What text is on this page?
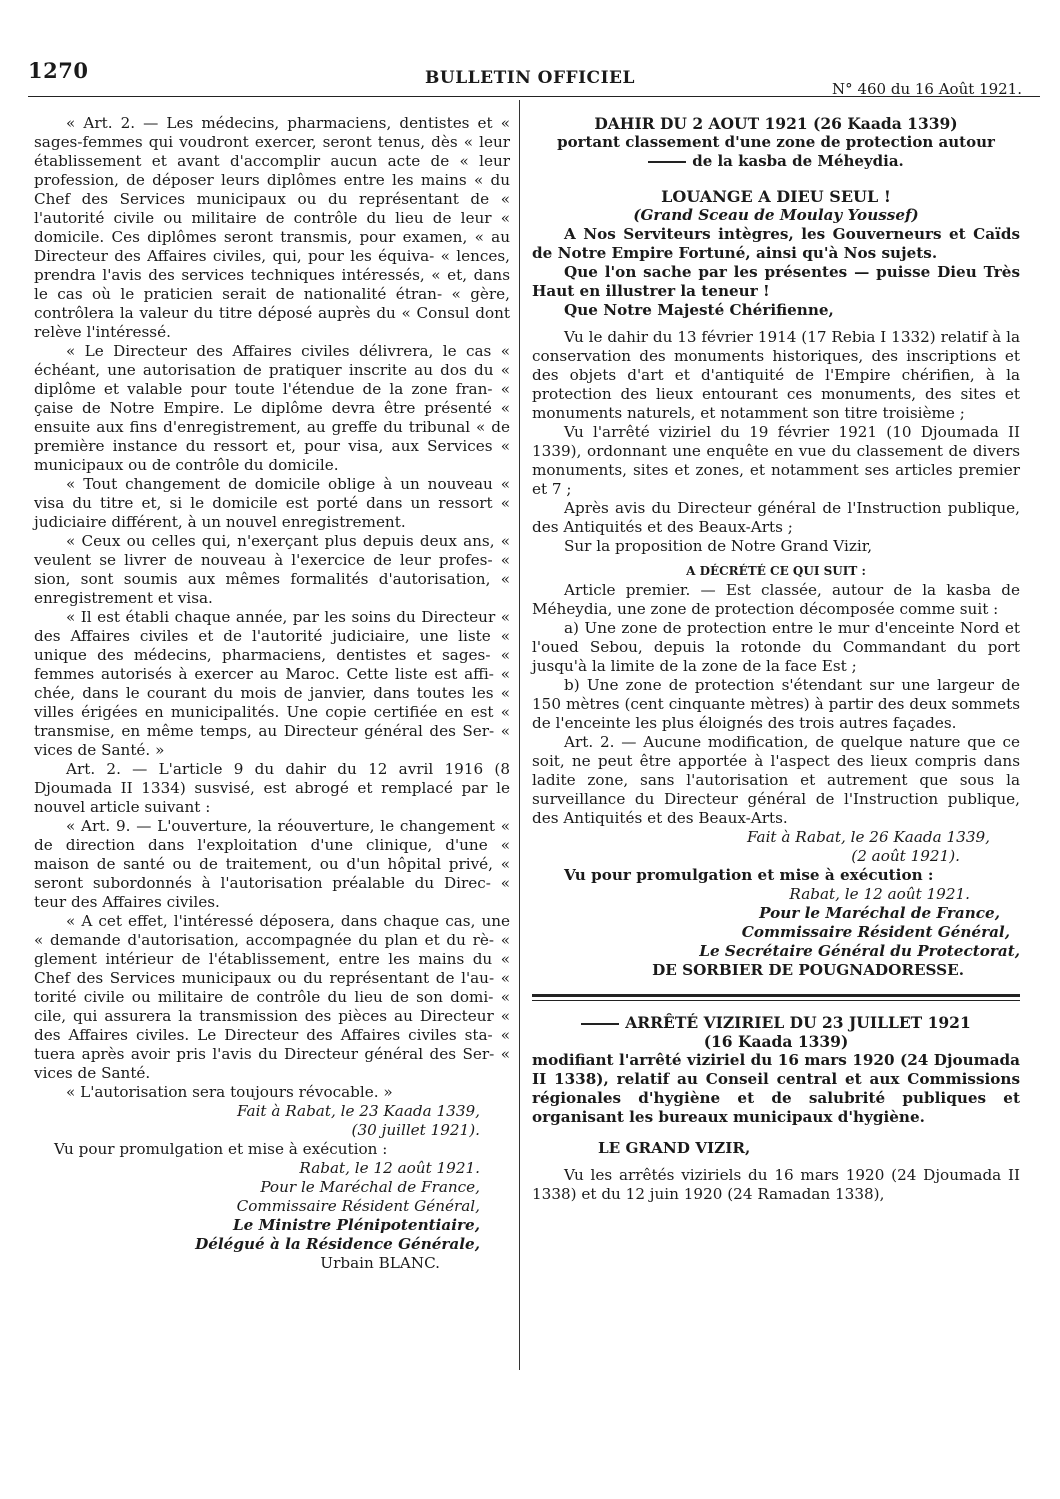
1270	BULLETIN OFFICIEL
N° 460 du 16 Août 1921.

« Art. 2. — Les médecins, pharmaciens, dentistes et « sages-femmes qui voudront exercer, seront tenus, dès « leur établissement et avant d'accomplir aucun acte de « leur profession, de déposer leurs diplômes entre les mains « du Chef des Services municipaux ou du représentant de « l'autorité civile ou militaire de contrôle du lieu de leur « domicile. Ces diplômes seront transmis, pour examen, « au Directeur des Affaires civiles, qui, pour les équiva- « lences, prendra l'avis des services techniques intéressés, « et, dans le cas où le praticien serait de nationalité étran- « gère, contrôlera la valeur du titre déposé auprès du « Consul dont relève l'intéressé.

« Le Directeur des Affaires civiles délivrera, le cas « échéant, une autorisation de pratiquer inscrite au dos du « diplôme et valable pour toute l'étendue de la zone fran- « çaise de Notre Empire. Le diplôme devra être présenté « ensuite aux fins d'enregistrement, au greffe du tribunal « de première instance du ressort et, pour visa, aux Services « municipaux ou de contrôle du domicile.

« Tout changement de domicile oblige à un nouveau « visa du titre et, si le domicile est porté dans un ressort « judiciaire différent, à un nouvel enregistrement.

« Ceux ou celles qui, n'exerçant plus depuis deux ans, « veulent se livrer de nouveau à l'exercice de leur profes- « sion, sont soumis aux mêmes formalités d'autorisation, « enregistrement et visa.

« Il est établi chaque année, par les soins du Directeur « des Affaires civiles et de l'autorité judiciaire, une liste « unique des médecins, pharmaciens, dentistes et sages- « femmes autorisés à exercer au Maroc. Cette liste est affi- « chée, dans le courant du mois de janvier, dans toutes les « villes érigées en municipalités. Une copie certifiée en est « transmise, en même temps, au Directeur général des Ser- « vices de Santé. »

Art. 2. — L'article 9 du dahir du 12 avril 1916 (8 Djoumada II 1334) susvisé, est abrogé et remplacé par le nouvel article suivant :

« Art. 9. — L'ouverture, la réouverture, le changement « de direction dans l'exploitation d'une clinique, d'une « maison de santé ou de traitement, ou d'un hôpital privé, « seront subordonnés à l'autorisation préalable du Direc- « teur des Affaires civiles.

« A cet effet, l'intéressé déposera, dans chaque cas, une « demande d'autorisation, accompagnée du plan et du rè- « glement intérieur de l'établissement, entre les mains du « Chef des Services municipaux ou du représentant de l'au- « torité civile ou militaire de contrôle du lieu de son domi- « cile, qui assurera la transmission des pièces au Directeur « des Affaires civiles. Le Directeur des Affaires civiles sta- « tuera après avoir pris l'avis du Directeur général des Ser- « vices de Santé.

« L'autorisation sera toujours révocable. »

Fait à Rabat, le 23 Kaada 1339,

(30 juillet 1921).

Vu pour promulgation et mise à exécution :

Rabat, le 12 août 1921.

Pour le Maréchal de France,

Commissaire Résident Général,

Le Ministre Plénipotentiaire,

Délégué à la Résidence Générale,

Urbain BLANC.

DAHIR DU 2 AOUT 1921 (26 Kaada 1339)

portant classement d'une zone de protection autour

de la kasba de Méheydia.

LOUANGE A DIEU SEUL !

(Grand Sceau de Moulay Youssef)

A Nos Serviteurs intègres, les Gouverneurs et Caïds de Notre Empire Fortuné, ainsi qu'à Nos sujets.

Que l'on sache par les présentes — puisse Dieu Très Haut en illustrer la teneur !

Que Notre Majesté Chérifienne,

Vu le dahir du 13 février 1914 (17 Rebia I 1332) relatif à la conservation des monuments historiques, des inscriptions et des objets d'art et d'antiquité de l'Empire chérifien, à la protection des lieux entourant ces monuments, des sites et monuments naturels, et notamment son titre troisième ;

Vu l'arrêté viziriel du 19 février 1921 (10 Djoumada II 1339), ordonnant une enquête en vue du classement de divers monuments, sites et zones, et notamment ses articles premier et 7 ;

Après avis du Directeur général de l'Instruction publique, des Antiquités et des Beaux-Arts ;

Sur la proposition de Notre Grand Vizir,

A DÉCRÉTÉ CE QUI SUIT :

Article premier. — Est classée, autour de la kasba de Méheydia, une zone de protection décomposée comme suit :

a) Une zone de protection entre le mur d'enceinte Nord et l'oued Sebou, depuis la rotonde du Commandant du port jusqu'à la limite de la zone de la face Est ;

b) Une zone de protection s'étendant sur une largeur de 150 mètres (cent cinquante mètres) à partir des deux sommets de l'enceinte les plus éloignés des trois autres façades.

Art. 2. — Aucune modification, de quelque nature que ce soit, ne peut être apportée à l'aspect des lieux compris dans ladite zone, sans l'autorisation et autrement que sous la surveillance du Directeur général de l'Instruction publique, des Antiquités et des Beaux-Arts.

Fait à Rabat, le 26 Kaada 1339,

(2 août 1921).

Vu pour promulgation et mise à exécution :

Rabat, le 12 août 1921.

Pour le Maréchal de France,

Commissaire Résident Général,

Le Secrétaire Général du Protectorat,

DE SORBIER DE POUGNADORESSE.

ARRÊTÉ VIZIRIEL DU 23 JUILLET 1921

(16 Kaada 1339)

modifiant l'arrêté viziriel du 16 mars 1920 (24 Djoumada II 1338), relatif au Conseil central et aux Commissions régionales d'hygiène et de salubrité publiques et organisant les bureaux municipaux d'hygiène.

LE GRAND VIZIR,

Vu les arrêtés viziriels du 16 mars 1920 (24 Djoumada II 1338) et du 12 juin 1920 (24 Ramadan 1338),
